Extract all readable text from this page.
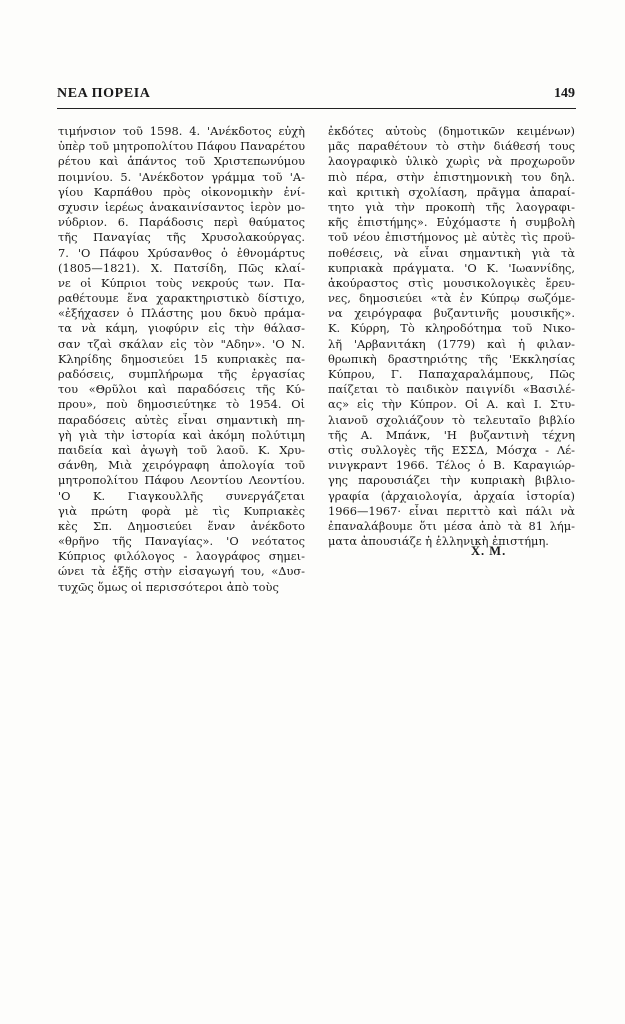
ΝΕΑ ΠΟΡΕΙΑ	149
τιμήνσιον τοῦ 1598. 4. 'Ανέκδοτος εὐχὴ
ὑπὲρ τοῦ μητροπολίτου Πάφου Παναρέτου
ρέτου καὶ ἁπάντος τοῦ Χριστεπωνύμου
ποιμνίου. 5. 'Ανέκδοτον γράμμα τοῦ 'Α-
γίου Καρπάθου πρὸς οἰκονομικὴν ἐνί-
σχυσιν ἱερέως ἀνακαινίσαντος ἱερὸν μο-
νύδριον. 6. Παράδοσις περὶ θαύματος
τῆς Παναγίας τῆς Χρυσολακούργας.
7. 'Ο Πάφου Χρύσανθος ὁ ἐθνομάρτυς
(1805—1821). Χ. Πατσίδη, Πῶς κλαί-
νε οἱ Κύπριοι τοὺς νεκρούς των. Πα-
ραθέτουμε ἕνα χαρακτηριστικὸ δίστιχο,
«ἐξήχασεν ὁ Πλάστης μου δκυὸ πράμα-
τα νὰ κάμη, γιοφύριν εἰς τὴν θάλασ-
σαν τζαὶ σκάλαν εἰς τὸν "Αδην». 'Ο Ν.
Κληρίδης δημοσιεύει 15 κυπριακὲς πα-
ραδόσεις, συμπλήρωμα τῆς ἐργασίας
του «Θρῦλοι καὶ παραδόσεις τῆς Κύ-
πρου», ποὺ δημοσιεύτηκε τὸ 1954. Οἱ
παραδόσεις αὐτὲς εἶναι σημαντικὴ πη-
γὴ γιὰ τὴν ἱστορία καὶ ἀκόμη πολύτιμη
παιδεία καὶ ἀγωγὴ τοῦ λαοῦ. Κ. Χρυ-
σάνθη, Μιὰ χειρόγραφη ἀπολογία τοῦ
μητροπολίτου Πάφου Λεοντίου Λεοντίου.
'Ο Κ. Γιαγκουλλῆς συνεργάζεται
γιὰ πρώτη φορὰ μὲ τὶς Κυπριακὲς
κὲς Σπ. Δημοσιεύει ἕναν ἀνέκδοτο
«θρῆνο τῆς Παναγίας». 'Ο νεότατος
Κύπριος φιλόλογος - λαογράφος σημει-
ώνει τὰ ἑξῆς στὴν εἰσαγωγή του, «Δυσ-
τυχῶς ὅμως οἱ περισσότεροι ἀπὸ τοὺς
ἐκδότες αὐτοὺς (δημοτικῶν κειμένων)
μᾶς παραθέτουν τὸ στὴν διάθεσή τους
λαογραφικὸ ὑλικὸ χωρὶς νὰ προχωροῦν
πιὸ πέρα, στὴν ἐπιστημονικὴ του δηλ.
καὶ κριτικὴ σχολίαση, πρᾶγμα ἀπαραί-
τητο γιὰ τὴν προκοπὴ τῆς λαογραφι-
κῆς ἐπιστήμης». Εὐχόμαστε ἡ συμβολὴ
τοῦ νέου ἐπιστήμονος μὲ αὐτὲς τὶς προϋ-
ποθέσεις, νὰ εἶναι σημαντικὴ γιὰ τὰ
κυπριακὰ πράγματα. 'Ο Κ. 'Ιωαννίδης,
ἀκούραστος στὶς μουσικολογικὲς ἔρευ-
νες, δημοσιεύει «τὰ ἐν Κύπρῳ σωζόμε-
να χειρόγραφα βυζαντινῆς μουσικῆς».
Κ. Κύρρη, Τὸ κληροδότημα τοῦ Νικο-
λῆ 'Αρβανιτάκη (1779) καὶ ἡ φιλαν-
θρωπικὴ δραστηριότης τῆς 'Εκκλησίας
Κύπρου, Γ. Παπαχαραλάμπους, Πῶς
παίζεται τὸ παιδικὸν παιγνίδι «Βασιλέ-
ας» εἰς τὴν Κύπρον. Οἱ Α. καὶ Ι. Στυ-
λιανοῦ σχολιάζουν τὸ τελευταῖο βιβλίο
τῆς Α. Μπάνκ, 'Η βυζαντινὴ τέχνη
στὶς συλλογὲς τῆς ΕΣΣΔ, Μόσχα - Λέ-
νινγκραντ 1966. Τέλος ὁ Β. Καραγιώρ-
γης παρουσιάζει τὴν κυπριακὴ βιβλιο-
γραφία (ἀρχαιολογία, ἀρχαία ἱστορία)
1966—1967· εἶναι περιττὸ καὶ πάλι νὰ
ἐπαναλάβουμε ὅτι μέσα ἀπὸ τὰ 81 λήμ-
ματα ἀπουσιάζε ἡ ἑλληνικὴ ἐπιστήμη.
Χ. Μ.
